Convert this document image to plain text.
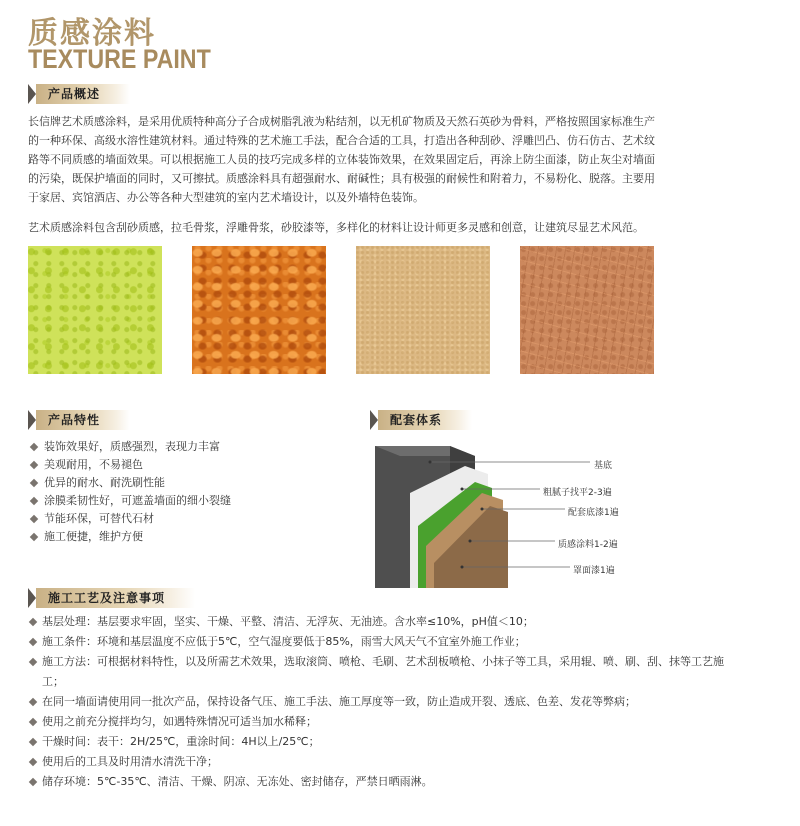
质感涂料
TEXTURE PAINT
产品概述
长信牌艺术质感涂料，是采用优质特种高分子合成树脂乳液为粘结剂，以无机矿物质及天然石英砂为骨料，严格按照国家标准生产
的一种环保、高级水溶性建筑材料。通过特殊的艺术施工手法，配合合适的工具，打造出各种刮砂、浮雕凹凸、仿石仿古、艺术纹
路等不同质感的墙面效果。可以根据施工人员的技巧完成多样的立体装饰效果，在效果固定后，再涂上防尘面漆，防止灰尘对墙面
的污染，既保护墙面的同时，又可擦拭。质感涂料具有超强耐水、耐碱性；具有极强的耐候性和附着力，不易粉化、脱落。主要用
于家居、宾馆酒店、办公等各种大型建筑的室内艺术墙设计，以及外墙特色装饰。
艺术质感涂料包含刮砂质感，拉毛骨浆，浮雕骨浆，砂胶漆等，多样化的材料让设计师更多灵感和创意，让建筑尽显艺术风范。
产品特性
装饰效果好，质感强烈，表现力丰富
美观耐用，不易褪色
优异的耐水、耐洗刷性能
涂膜柔韧性好，可遮盖墙面的细小裂缝
节能环保，可替代石材
施工便捷，维护方便
配套体系
基底
粗腻子找平2-3遍
配套底漆1遍
质感涂料1-2遍
罩面漆1遍
施工工艺及注意事项
基层处理：基层要求牢固，坚实、干燥、平整、清洁、无浮灰、无油迹。含水率≤10%，pH值＜10；
施工条件：环境和基层温度不应低于5℃，空气湿度要低于85%，雨雪大风天气不宜室外施工作业；
施工方法：可根据材料特性，以及所需艺术效果，选取滚筒、喷枪、毛刷、艺术刮板喷枪、小抹子等工具，采用辊、喷、刷、刮、抹等工艺施工；
在同一墙面请使用同一批次产品，保持设备气压、施工手法、施工厚度等一致，防止造成开裂、透底、色差、发花等弊病；
使用之前充分搅拌均匀，如遇特殊情况可适当加水稀释；
干燥时间：表干：2H/25℃，重涂时间：4H以上/25℃；
使用后的工具及时用清水清洗干净；
储存环境：5℃-35℃、清洁、干燥、阴凉、无冻处、密封储存，严禁日晒雨淋。
